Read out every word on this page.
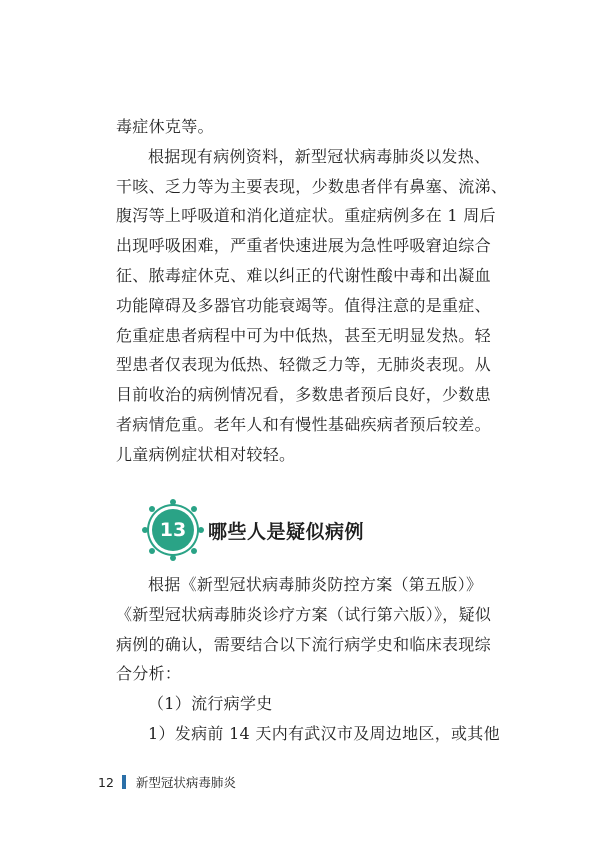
毒症休克等。

根据现有病例资料，新型冠状病毒肺炎以发热、
干咳、乏力等为主要表现，少数患者伴有鼻塞、流涕、
腹泻等上呼吸道和消化道症状。重症病例多在 1 周后
出现呼吸困难，严重者快速进展为急性呼吸窘迫综合
征、脓毒症休克、难以纠正的代谢性酸中毒和出凝血
功能障碍及多器官功能衰竭等。值得注意的是重症、
危重症患者病程中可为中低热，甚至无明显发热。轻
型患者仅表现为低热、轻微乏力等，无肺炎表现。从
目前收治的病例情况看，多数患者预后良好，少数患
者病情危重。老年人和有慢性基础疾病者预后较差。
儿童病例症状相对较轻。

13 哪些人是疑似病例

根据《新型冠状病毒肺炎防控方案（第五版）》
《新型冠状病毒肺炎诊疗方案（试行第六版）》，疑似
病例的确认，需要结合以下流行病学史和临床表现综
合分析：

（1）流行病学史

1）发病前 14 天内有武汉市及周边地区，或其他

12 新型冠状病毒肺炎
